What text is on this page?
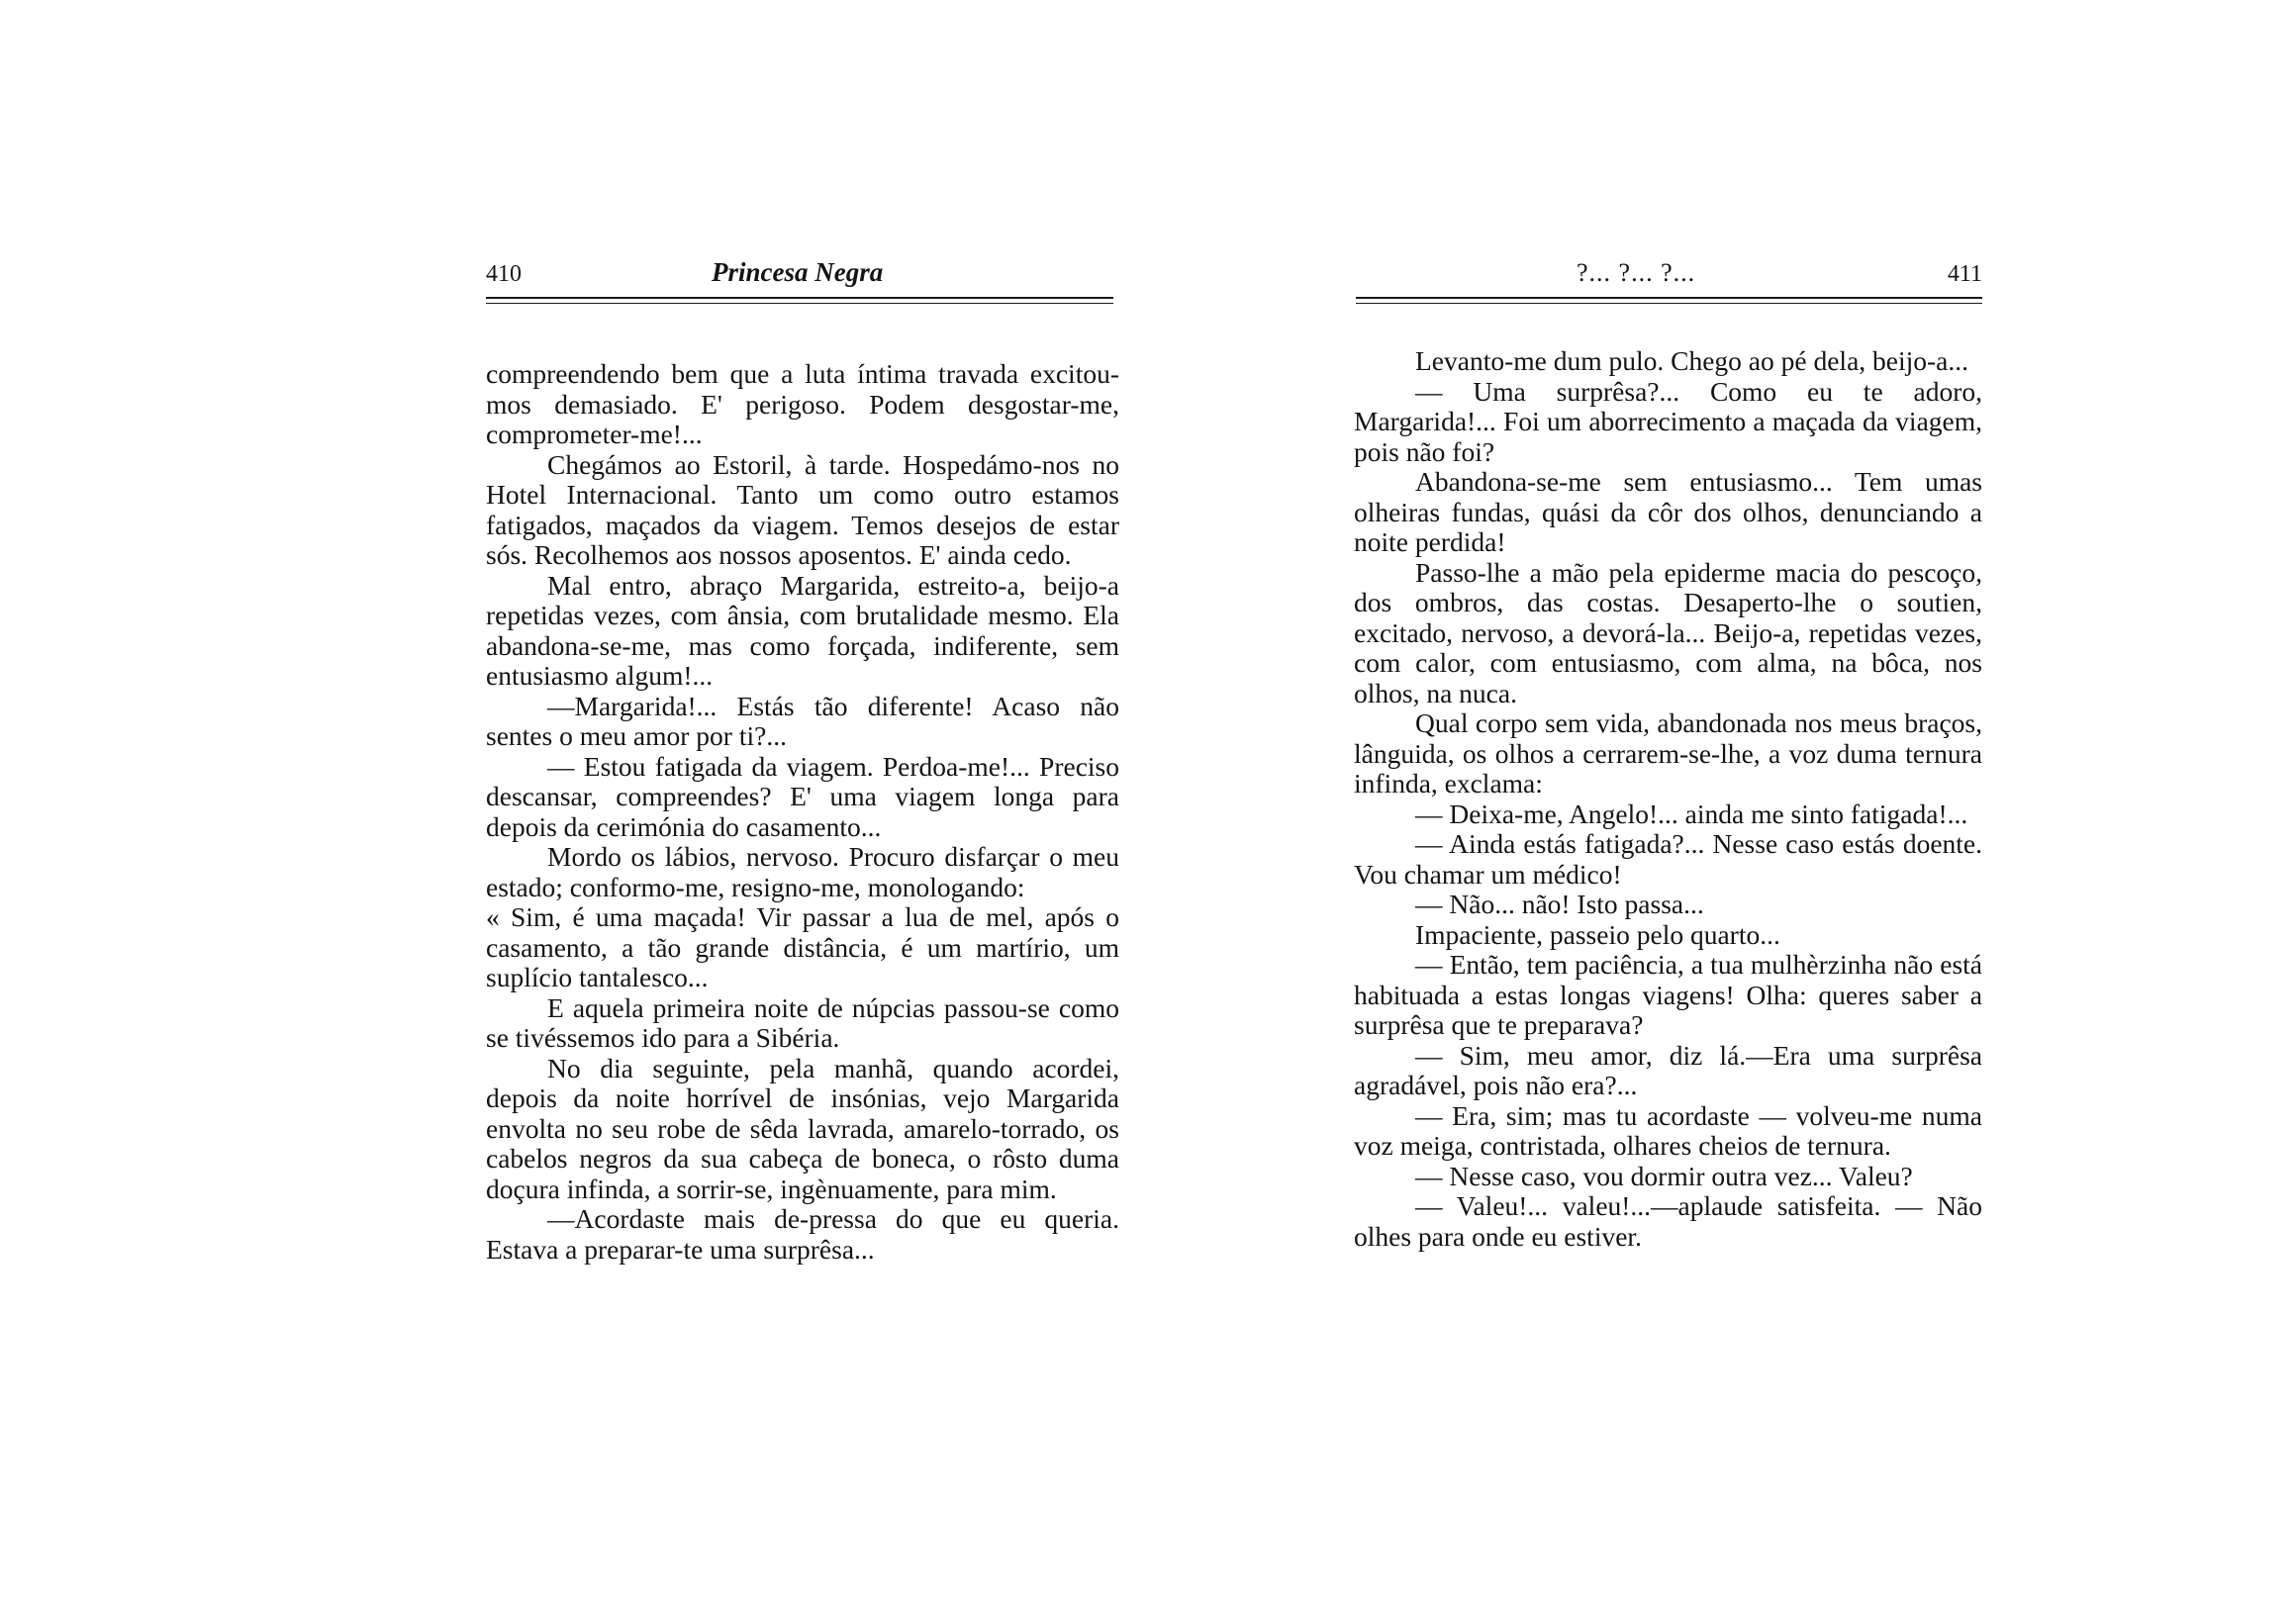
410	Princesa Negra

compreendendo bem que a luta íntima travada excitou-mos demasiado. E' perigoso. Podem desgostar-me, comprometer-me!...

Chegámos ao Estoril, à tarde. Hospedámo-nos no Hotel Internacional. Tanto um como outro estamos fatigados, maçados da viagem. Temos desejos de estar sós. Recolhemos aos nossos aposentos. E' ainda cedo.

Mal entro, abraço Margarida, estreito-a, beijo-a repetidas vezes, com ânsia, com brutalidade mesmo. Ela abandona-se-me, mas como forçada, indiferente, sem entusiasmo algum!...

—Margarida!... Estás tão diferente! Acaso não sentes o meu amor por ti?...

— Estou fatigada da viagem. Perdoa-me!... Preciso descansar, compreendes? E' uma viagem longa para depois da cerimónia do casamento...

Mordo os lábios, nervoso. Procuro disfarçar o meu estado; conformo-me, resigno-me, monologando:

« Sim, é uma maçada! Vir passar a lua de mel, após o casamento, a tão grande distância, é um martírio, um suplício tantalesco...

E aquela primeira noite de núpcias passou-se como se tivéssemos ido para a Sibéria.

No dia seguinte, pela manhã, quando acordei, depois da noite horrível de insónias, vejo Margarida envolta no seu robe de sêda lavrada, amarelo-torrado, os cabelos negros da sua cabeça de boneca, o rôsto duma doçura infinda, a sorrir-se, ingènuamente, para mim.

—Acordaste mais de-pressa do que eu queria. Estava a preparar-te uma surprêsa...

?... ?... ?...	411

Levanto-me dum pulo. Chego ao pé dela, beijo-a...

— Uma surprêsa?... Como eu te adoro, Margarida!... Foi um aborrecimento a maçada da viagem, pois não foi?

Abandona-se-me sem entusiasmo... Tem umas olheiras fundas, quási da côr dos olhos, denunciando a noite perdida!

Passo-lhe a mão pela epiderme macia do pescoço, dos ombros, das costas. Desaperto-lhe o soutien, excitado, nervoso, a devorá-la... Beijo-a, repetidas vezes, com calor, com entusiasmo, com alma, na bôca, nos olhos, na nuca.

Qual corpo sem vida, abandonada nos meus braços, lânguida, os olhos a cerrarem-se-lhe, a voz duma ternura infinda, exclama:

— Deixa-me, Angelo!... ainda me sinto fatigada!...

— Ainda estás fatigada?... Nesse caso estás doente. Vou chamar um médico!

— Não... não! Isto passa...

Impaciente, passeio pelo quarto...

— Então, tem paciência, a tua mulhèrzinha não está habituada a estas longas viagens! Olha: queres saber a surprêsa que te preparava?

— Sim, meu amor, diz lá.—Era uma surprêsa agradável, pois não era?...

— Era, sim; mas tu acordaste — volveu-me numa voz meiga, contristada, olhares cheios de ternura.

— Nesse caso, vou dormir outra vez... Valeu?

— Valeu!... valeu!...—aplaude satisfeita. — Não olhes para onde eu estiver.
